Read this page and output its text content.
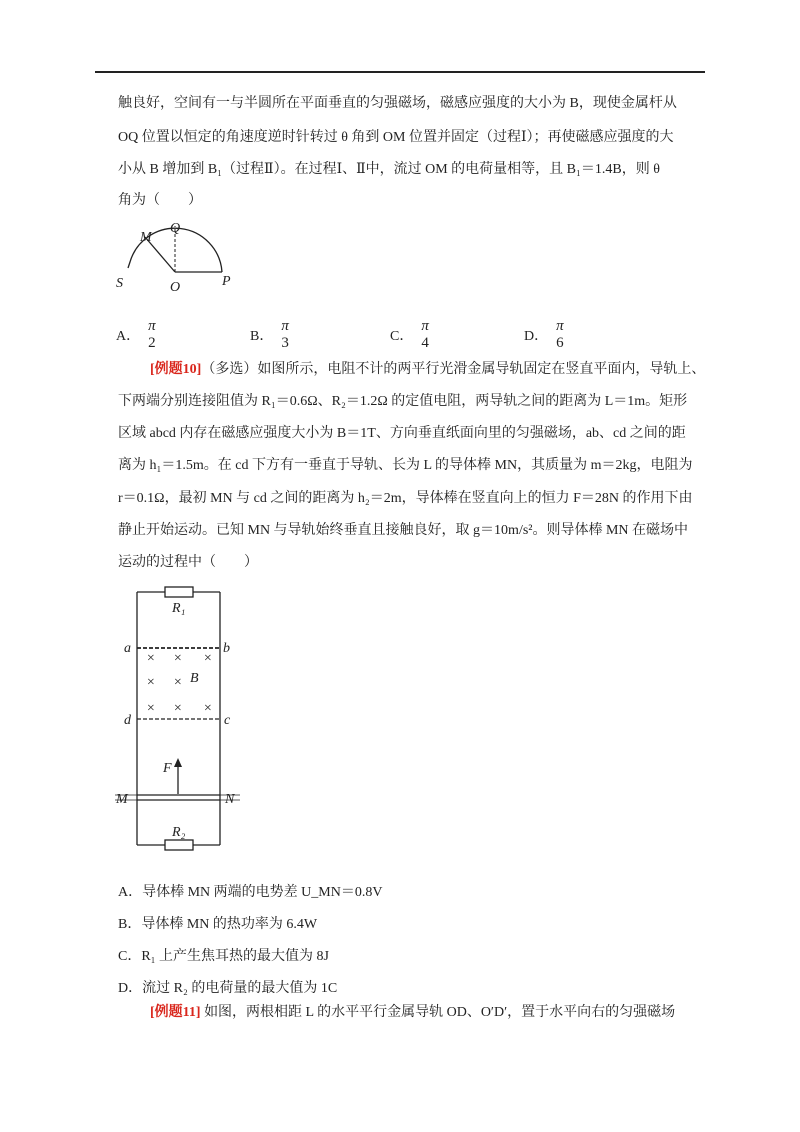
触良好，空间有一与半圆所在平面垂直的匀强磁场，磁感应强度的大小为 B，现使金属杆从
OQ 位置以恒定的角速度逆时针转过 θ 角到 OM 位置并固定（过程Ⅰ）；再使磁感应强度的大
小从 B 增加到 B₁（过程Ⅱ）。在过程Ⅰ、Ⅱ中，流过 OM 的电荷量相等，且 B₁＝1.4B，则 θ
角为（　　）
M
Q
S	O	P
A．
π
2	B．
π
3	C．
π
4	D．
π
6
[例题10]（多选）如图所示，电阻不计的两平行光滑金属导轨固定在竖直平面内，导轨上、
下两端分别连接阻值为 R₁＝0.6Ω、R₂＝1.2Ω 的定值电阻，两导轨之间的距离为 L＝1m。矩形
区域 abcd 内存在磁感应强度大小为 B＝1T、方向垂直纸面向里的匀强磁场，ab、cd 之间的距
离为 h₁＝1.5m。在 cd 下方有一垂直于导轨、长为 L 的导体棒 MN，其质量为 m＝2kg，电阻为
r＝0.1Ω，最初 MN 与 cd 之间的距离为 h₂＝2m，导体棒在竖直向上的恒力 F＝28N 的作用下由
静止开始运动。已知 MN 与导轨始终垂直且接触良好，取 g＝10m/s²。则导体棒 MN 在磁场中
运动的过程中（　　）
× × ×
× ×
× × ×
R₁
R₂
a	b
c
d
B
F
M	N
A．导体棒 MN 两端的电势差 U_MN＝0.8V
B．导体棒 MN 的热功率为 6.4W
C．R₁ 上产生焦耳热的最大值为 8J
D．流过 R₂ 的电荷量的最大值为 1C
[例题11] 如图，两根相距 L 的水平平行金属导轨 OD、O′D′，置于水平向右的匀强磁场
